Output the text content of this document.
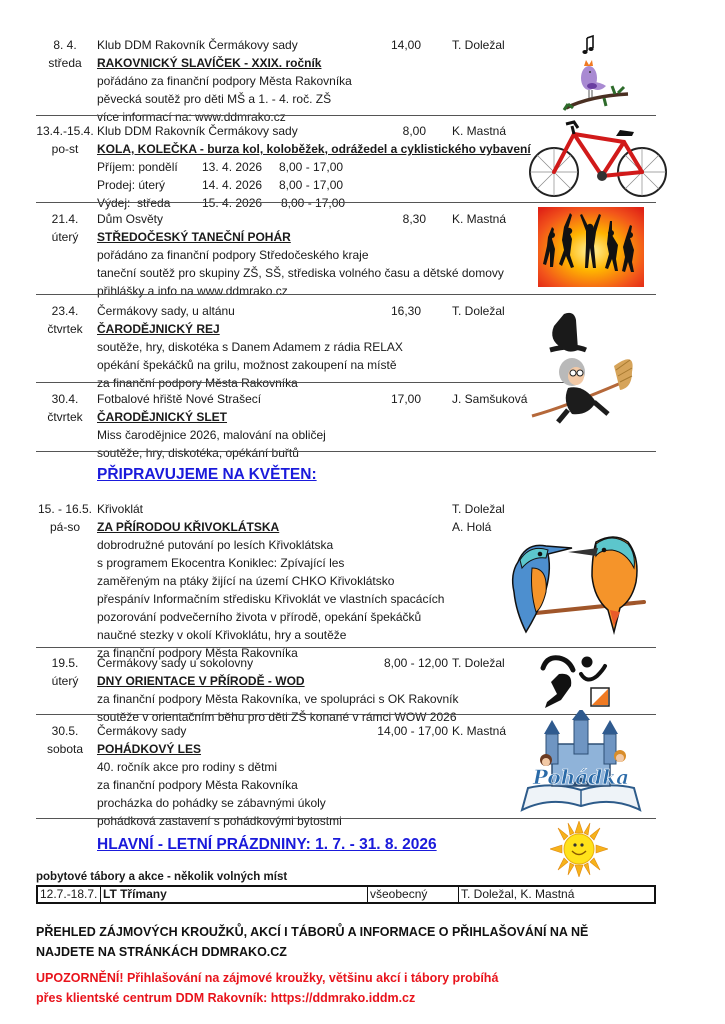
8. 4.
středa
Klub DDM Rakovník Čermákovy sady
RAKOVNICKÝ SLAVÍČEK - XXIX. ročník
pořádáno za finanční podpory Města Rakovníka
pěvecká soutěž pro děti MŠ a 1. - 4. roč. ZŠ
více informací na: www.ddmrako.cz
14,00	T. Doležal
13.4.-15.4.
po-st
Klub DDM Rakovník Čermákovy sady
KOLA, KOLEČKA - burza kol, koloběžek, odrážedel a cyklistického vybavení
Příjem: pondělí 13. 4. 2026 8,00 - 17,00
Prodej: úterý	14. 4. 2026 8,00 - 17,00
Výdej:  středa	15. 4. 2026 8,00 - 17,00
8,00 K. Mastná
21.4.
úterý
Dům Osvěty
STŘEDOČESKÝ TANEČNÍ POHÁR
pořádáno za finanční podpory Středočeského kraje
taneční soutěž pro skupiny ZŠ, SŠ, střediska volného času a dětské domovy
přihlášky a info na www.ddmrako.cz
8,30 K. Mastná
23.4.
čtvrtek
Čermákovy sady, u altánu
ČARODĚJNICKÝ REJ
soutěže, hry, diskotéka s Danem Adamem z rádia RELAX
opékání špekáčků na grilu, možnost zakoupení na místě
za finanční podpory Města Rakovníka
16,30	T. Doležal
30.4.
čtvrtek
Fotbalové hřiště Nové Strašecí
ČARODĚJNICKÝ SLET
Miss čarodějnice 2026, malování na obličej
soutěže, hry, diskotéka, opékání buřtů
17,00	J. Samšuková
PŘIPRAVUJEME NA KVĚTEN:
15. - 16.5.
pá-so
Křivoklát
ZA PŘÍRODOU KŘIVOKLÁTSKA
dobrodružné putování po lesích Křivoklátska
s programem Ekocentra Koniklec: Zpívající les
zaměřeným na ptáky žijící na území CHKO Křivoklátsko
přespánív Informačním středisku Křivoklát ve vlastních spacácích
pozorování podvečerního života v přírodě, opekání špekáčků
naučné stezky v okolí Křivoklátu, hry a soutěže
za finanční podpory Města Rakovníka
T. Doležal
A. Holá
19.5.
úterý
Čermákovy sady u sokolovny
DNY ORIENTACE V PŘÍRODĚ - WOD
za finanční podpory Města Rakovníka, ve spolupráci s OK Rakovník
soutěže v orientačním běhu pro děti ZŠ konané v rámci WOW 2026
8,00 - 12,00 T. Doležal
30.5.
sobota
Čermákovy sady
POHÁDKOVÝ LES
40. ročník akce pro rodiny s dětmi
za finanční podpory Města Rakovníka
procházka do pohádky se zábavnými úkoly
pohádková zastavení s pohádkovými bytostmi
14,00 - 17,00 K. Mastná
Pohádka
HLAVNÍ - LETNÍ PRÁZDNINY: 1. 7. - 31. 8. 2026
pobytové tábory a akce - několik volných míst
12.7.-18.7.	LT Třímany	všeobecný	T. Doležal, K. Mastná
PŘEHLED ZÁJMOVÝCH KROUŽKŮ, AKCÍ I TÁBORŮ A INFORMACE O PŘIHLAŠOVÁNÍ NA NĚ
NAJDETE NA STRÁNKÁCH DDMRAKO.CZ
UPOZORNĚNÍ! Přihlašování na zájmové kroužky, většinu akcí i tábory probíhá
přes klientské centrum DDM Rakovník: https://ddmrako.iddm.cz
